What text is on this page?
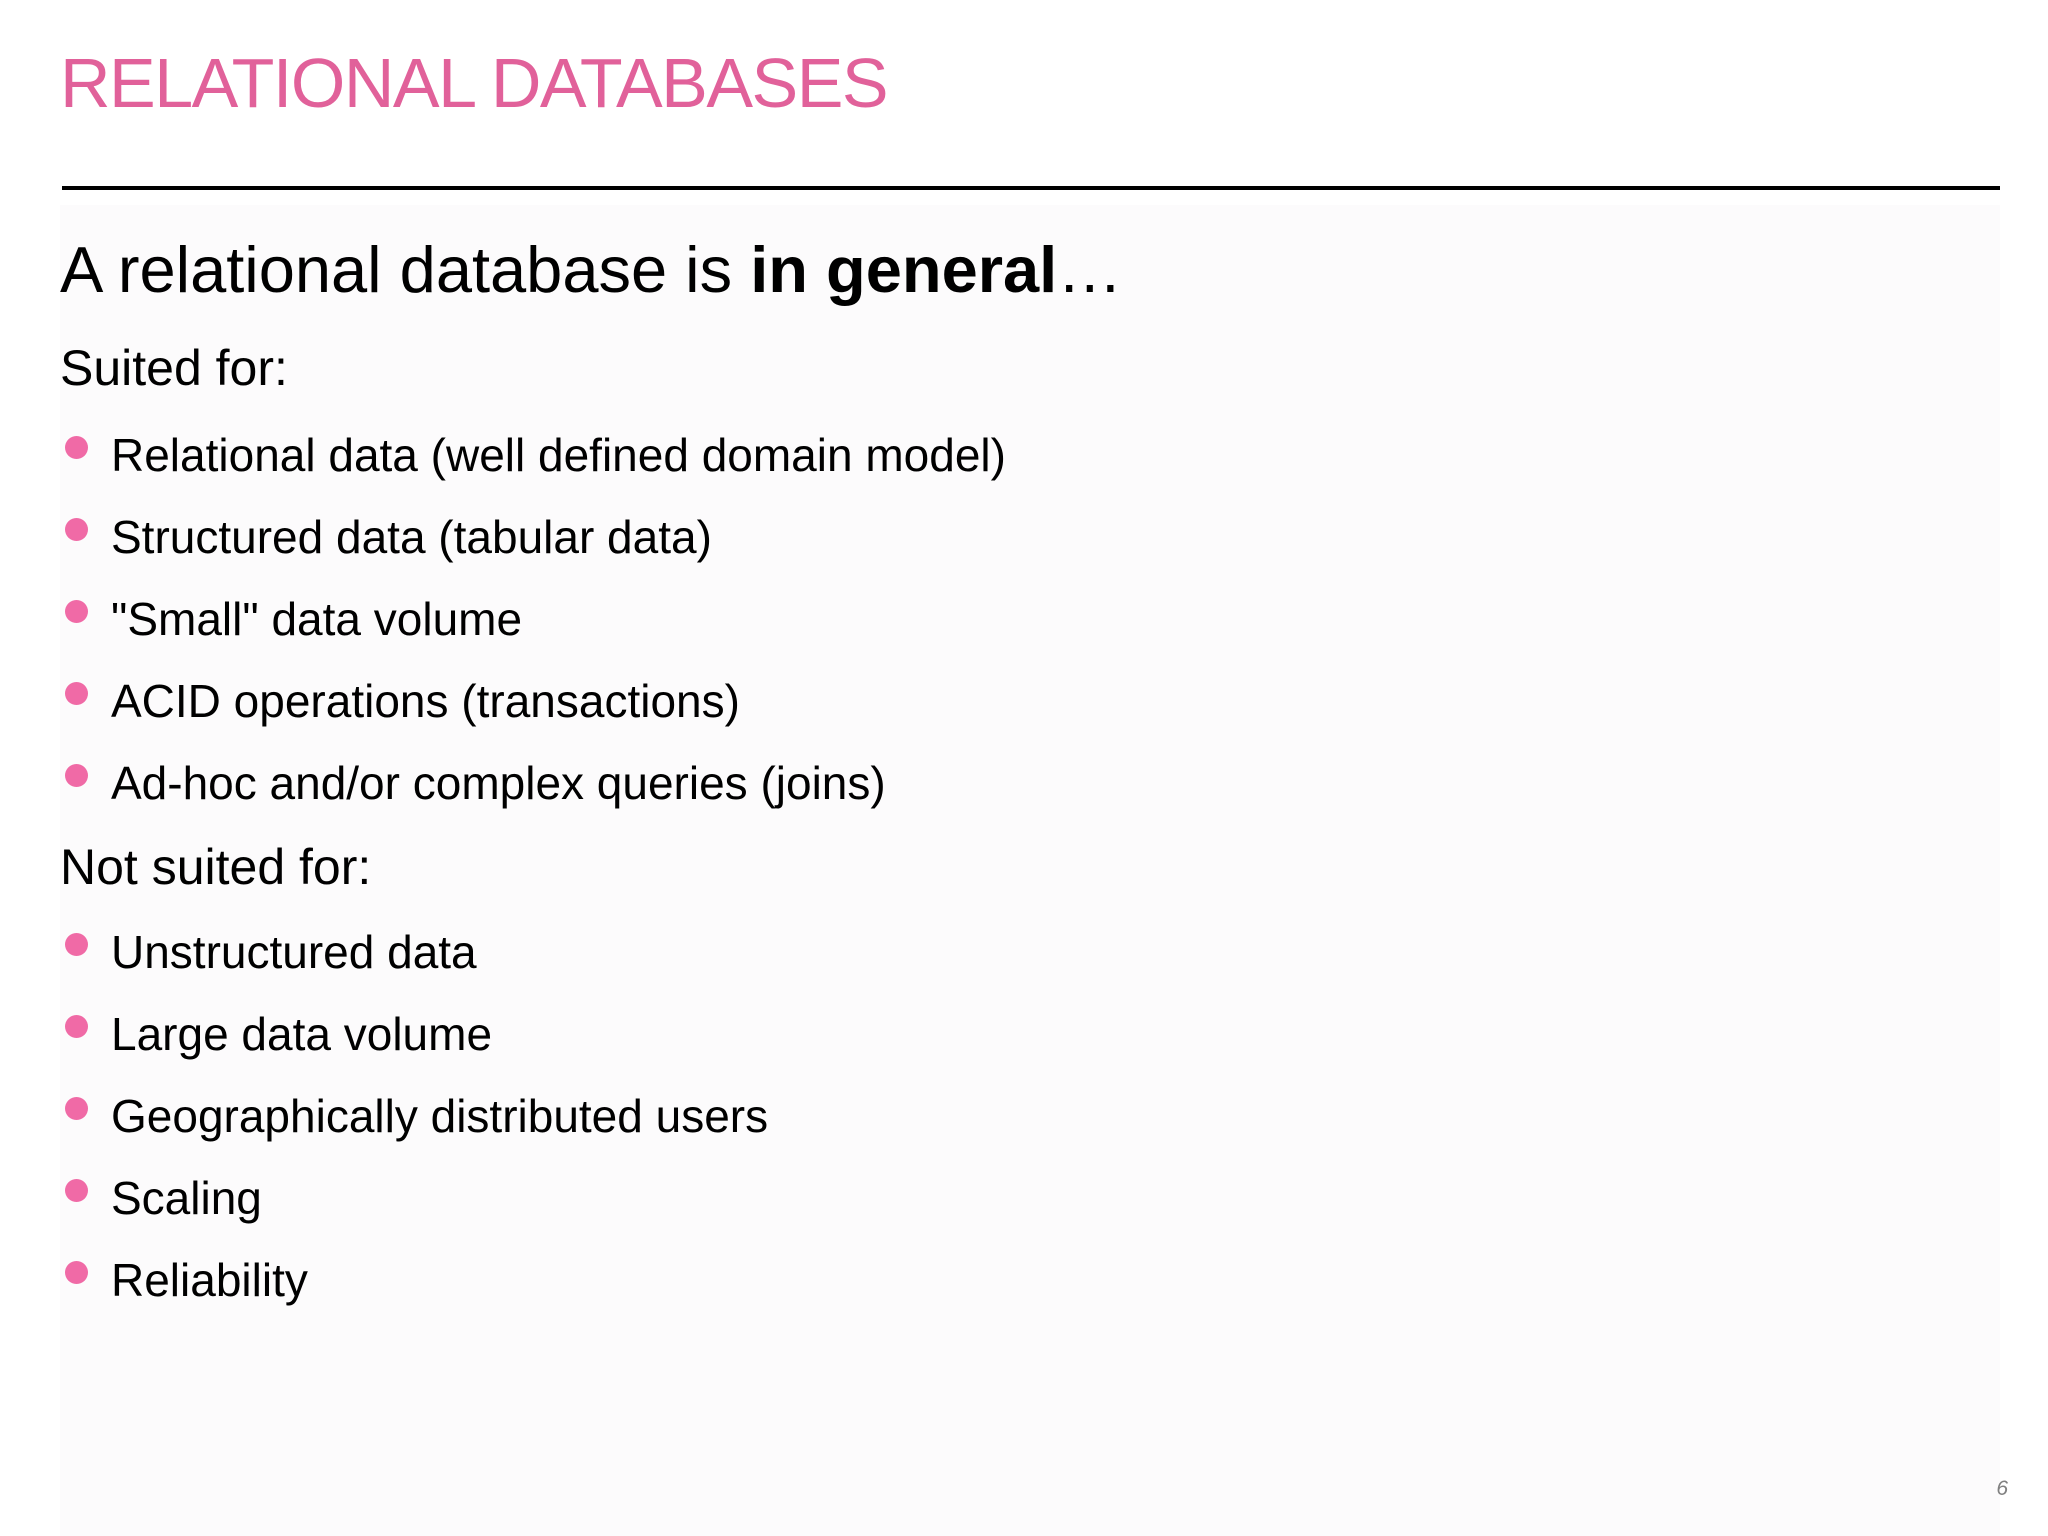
RELATIONAL DATABASES
A relational database is in general…

Suited for:

Relational data (well defined domain model)
Structured data (tabular data)
"Small" data volume
ACID operations (transactions)
Ad-hoc and/or complex queries (joins)

Not suited for:

Unstructured data
Large data volume
Geographically distributed users
Scaling
Reliability
6
